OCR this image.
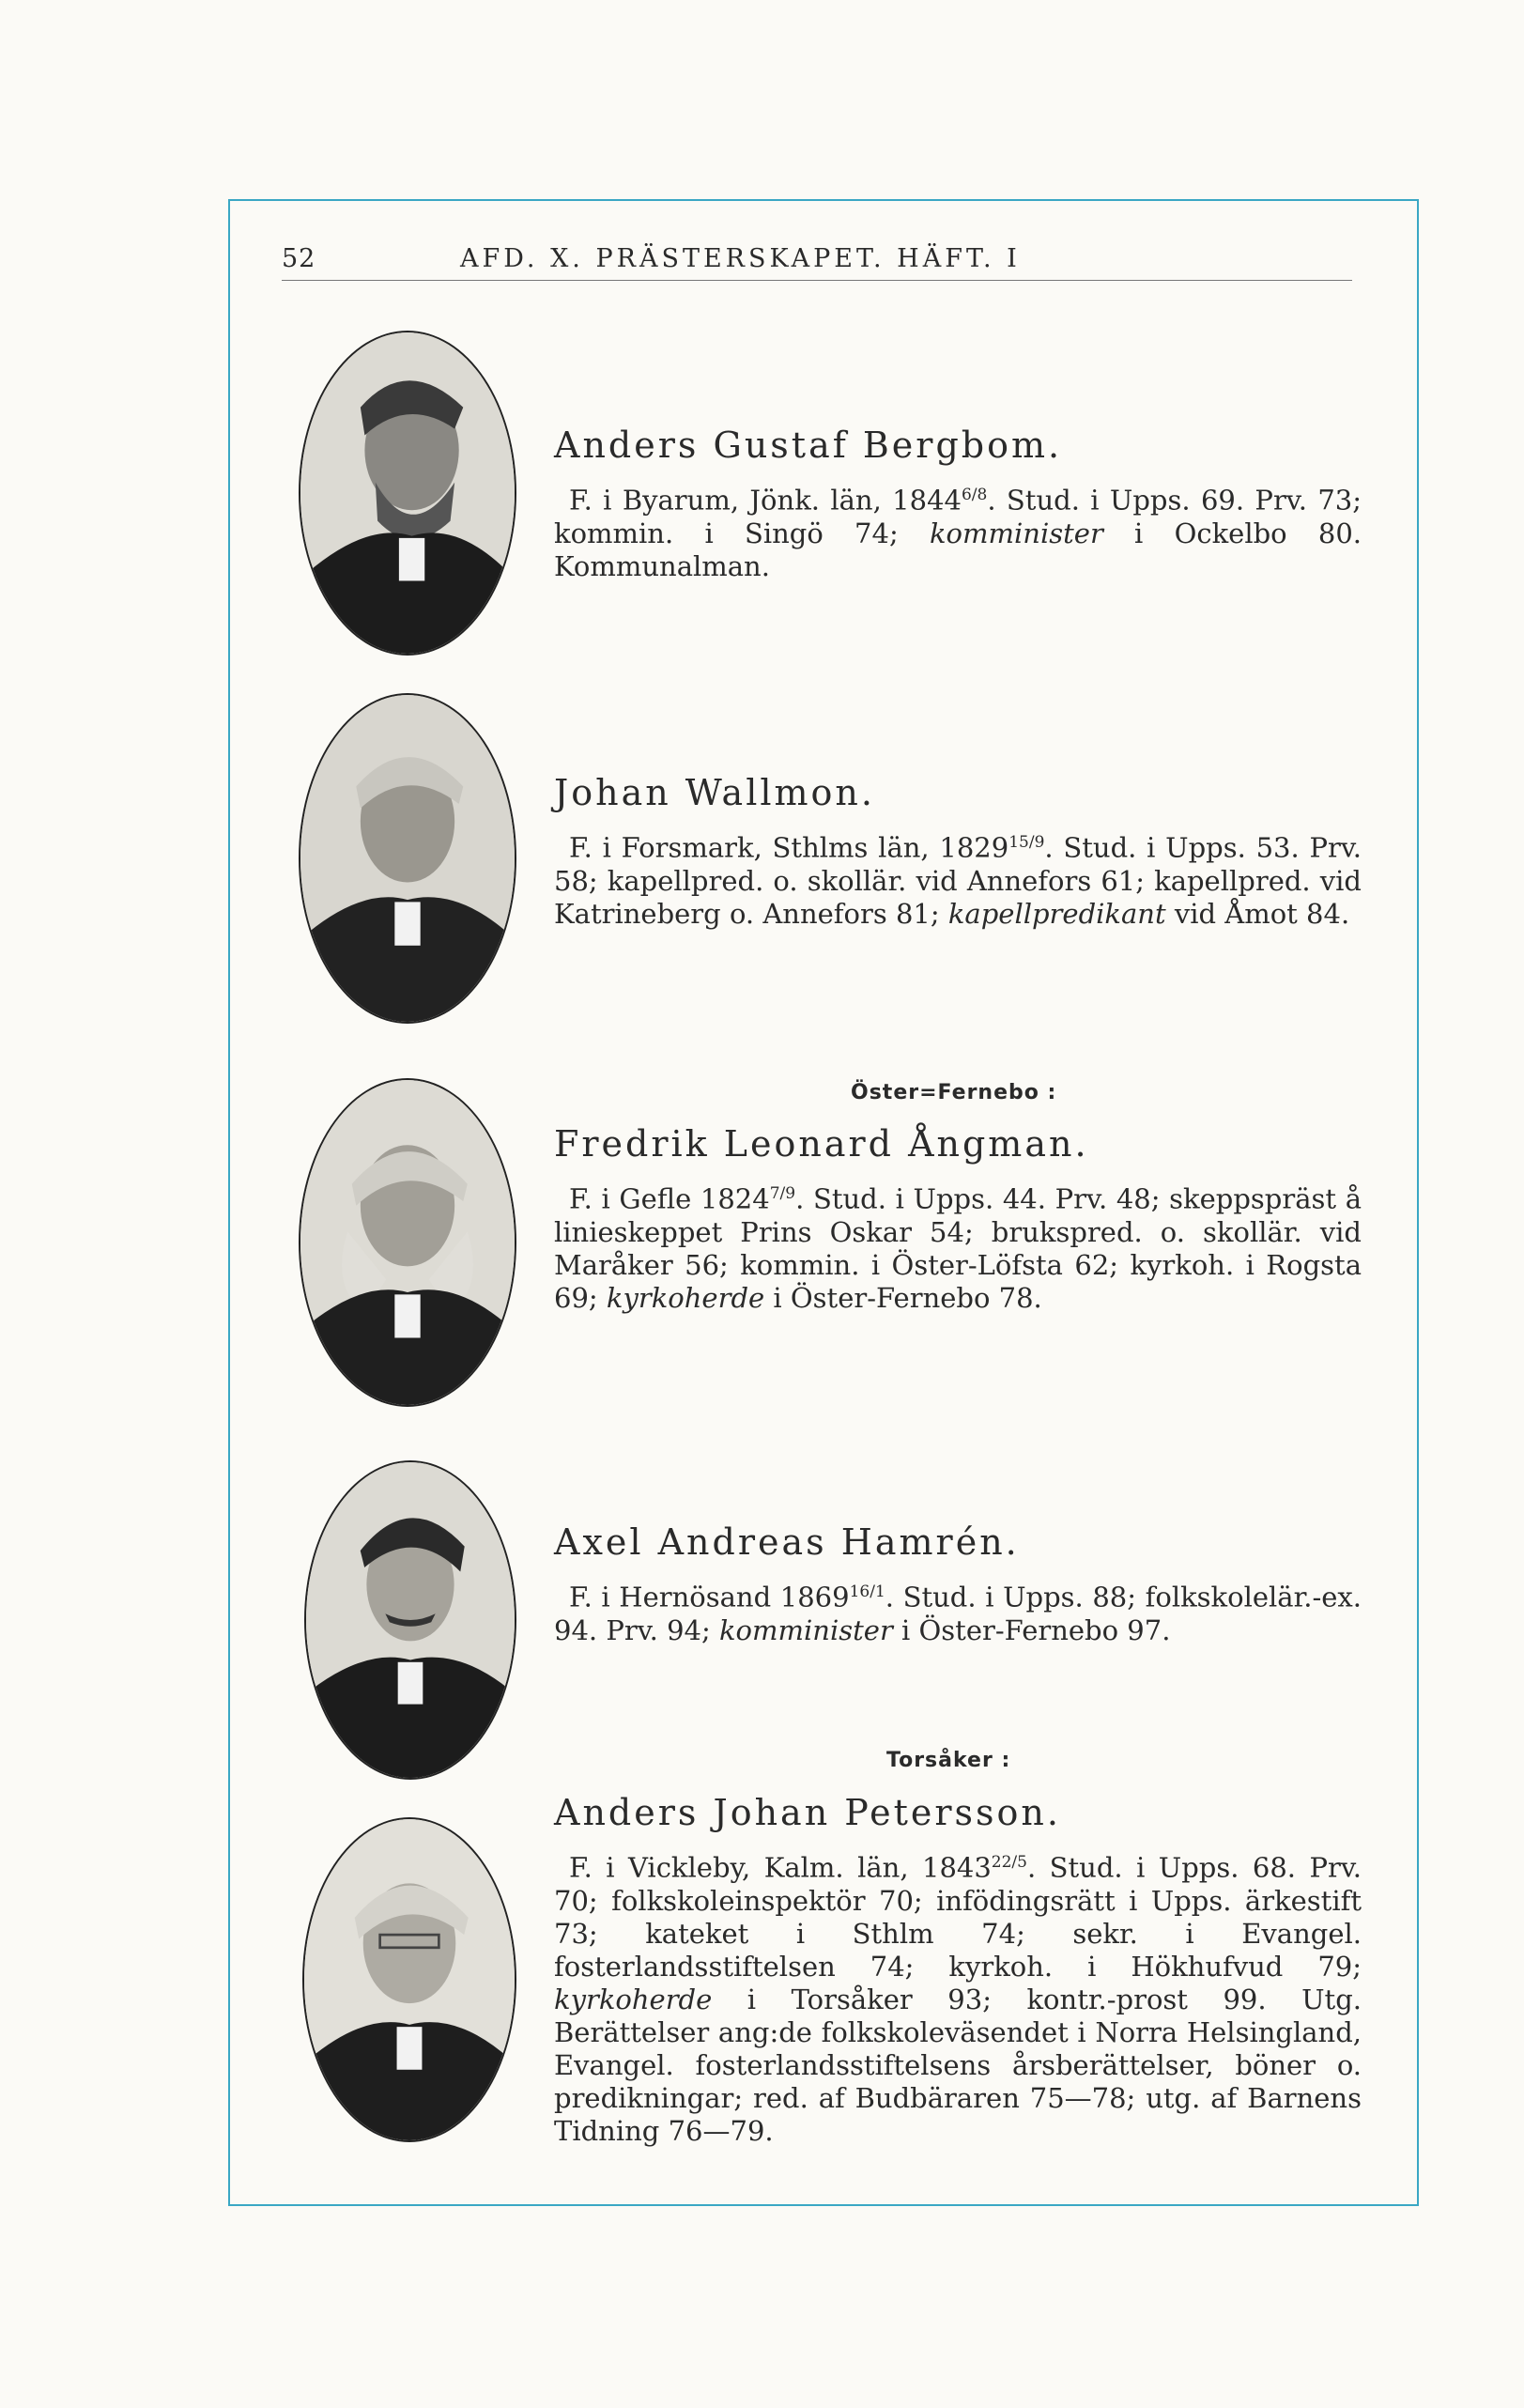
52	AFD. X. PRÄSTERSKAPET. HÄFT. I
Anders Gustaf Bergbom.

F. i Byarum, Jönk. län, $1844^{6/8}$. Stud. i Upps. 69. Prv. 73; kommin. i Singö 74; komminister i Ockelbo 80. Kommunalman.

Johan Wallmon.

F. i Forsmark, Sthlms län, $1829^{15/9}$. Stud. i Upps. 53. Prv. 58; kapellpred. o. skollär. vid Annefors 61; kapellpred. vid Katrineberg o. Annefors 81; kapellpredikant vid Åmot 84.

Öster=Fernebo :
Fredrik Leonard Ångman.

F. i Gefle $1824^{7/9}$. Stud. i Upps. 44. Prv. 48; skeppspräst å linieskeppet Prins Oskar 54; brukspred. o. skollär. vid Maråker 56; kommin. i Öster-Löfsta 62; kyrkoh. i Rogsta 69; kyrkoherde i Öster-Fernebo 78.

Axel Andreas Hamrén.

F. i Hernösand $1869^{16/1}$. Stud. i Upps. 88; folkskolelär.-ex. 94. Prv. 94; komminister i Öster-Fernebo 97.

Torsåker :
Anders Johan Petersson.

F. i Vickleby, Kalm. län, $1843^{22/5}$. Stud. i Upps. 68. Prv. 70; folkskoleinspektör 70; infödingsrätt i Upps. ärkestift 73; kateket i Sthlm 74; sekr. i Evangel. fosterlandsstiftelsen 74; kyrkoh. i Hökhufvud 79; kyrkoherde i Torsåker 93; kontr.-prost 99. Utg. Berättelser ang:de folkskoleväsendet i Norra Helsingland, Evangel. fosterlandsstiftelsens årsberättelser, böner o. predikningar; red. af Budbäraren 75—78; utg. af Barnens Tidning 76—79.
